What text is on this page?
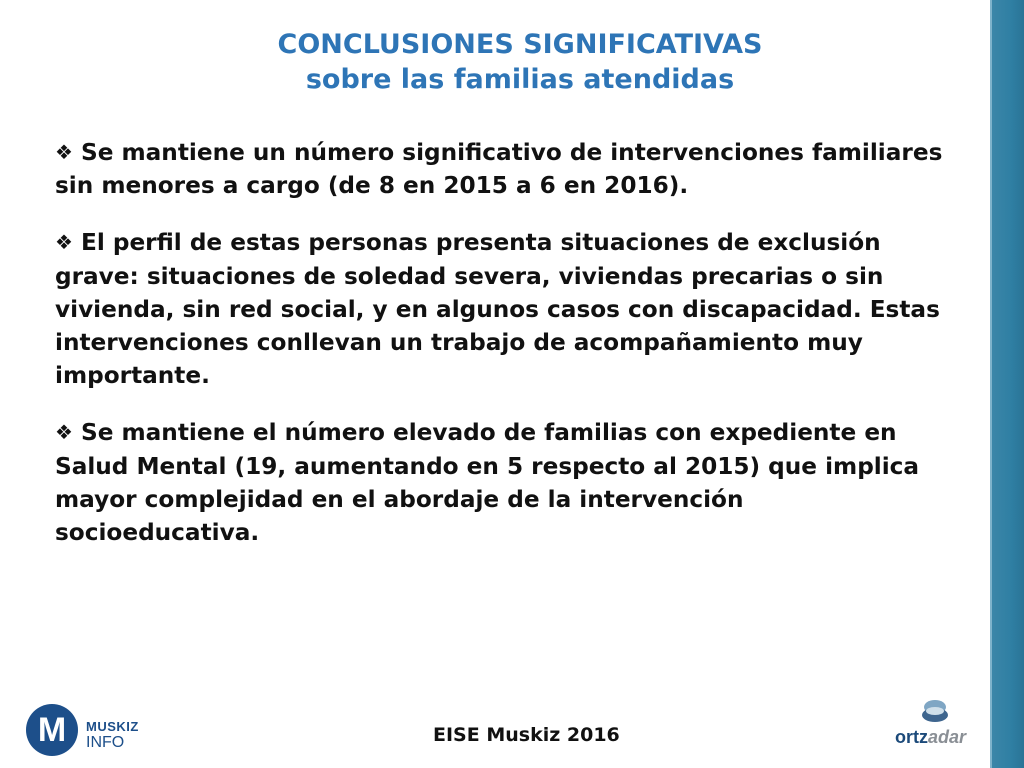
CONCLUSIONES SIGNIFICATIVAS
sobre las familias atendidas
❖ Se mantiene un número significativo de intervenciones familiares sin menores a cargo (de 8 en 2015 a 6 en 2016).
❖ El perfil de estas personas presenta situaciones de exclusión grave: situaciones de soledad severa, viviendas precarias o sin vivienda, sin red social, y en algunos casos con discapacidad. Estas intervenciones conllevan un trabajo de acompañamiento muy importante.
❖ Se mantiene el número elevado de familias con expediente en Salud Mental (19, aumentando en 5 respecto al 2015) que implica mayor complejidad en el abordaje de la intervención socioeducativa.
M	MUSKIZ
INFO	EISE Muskiz 2016	ortzadar
